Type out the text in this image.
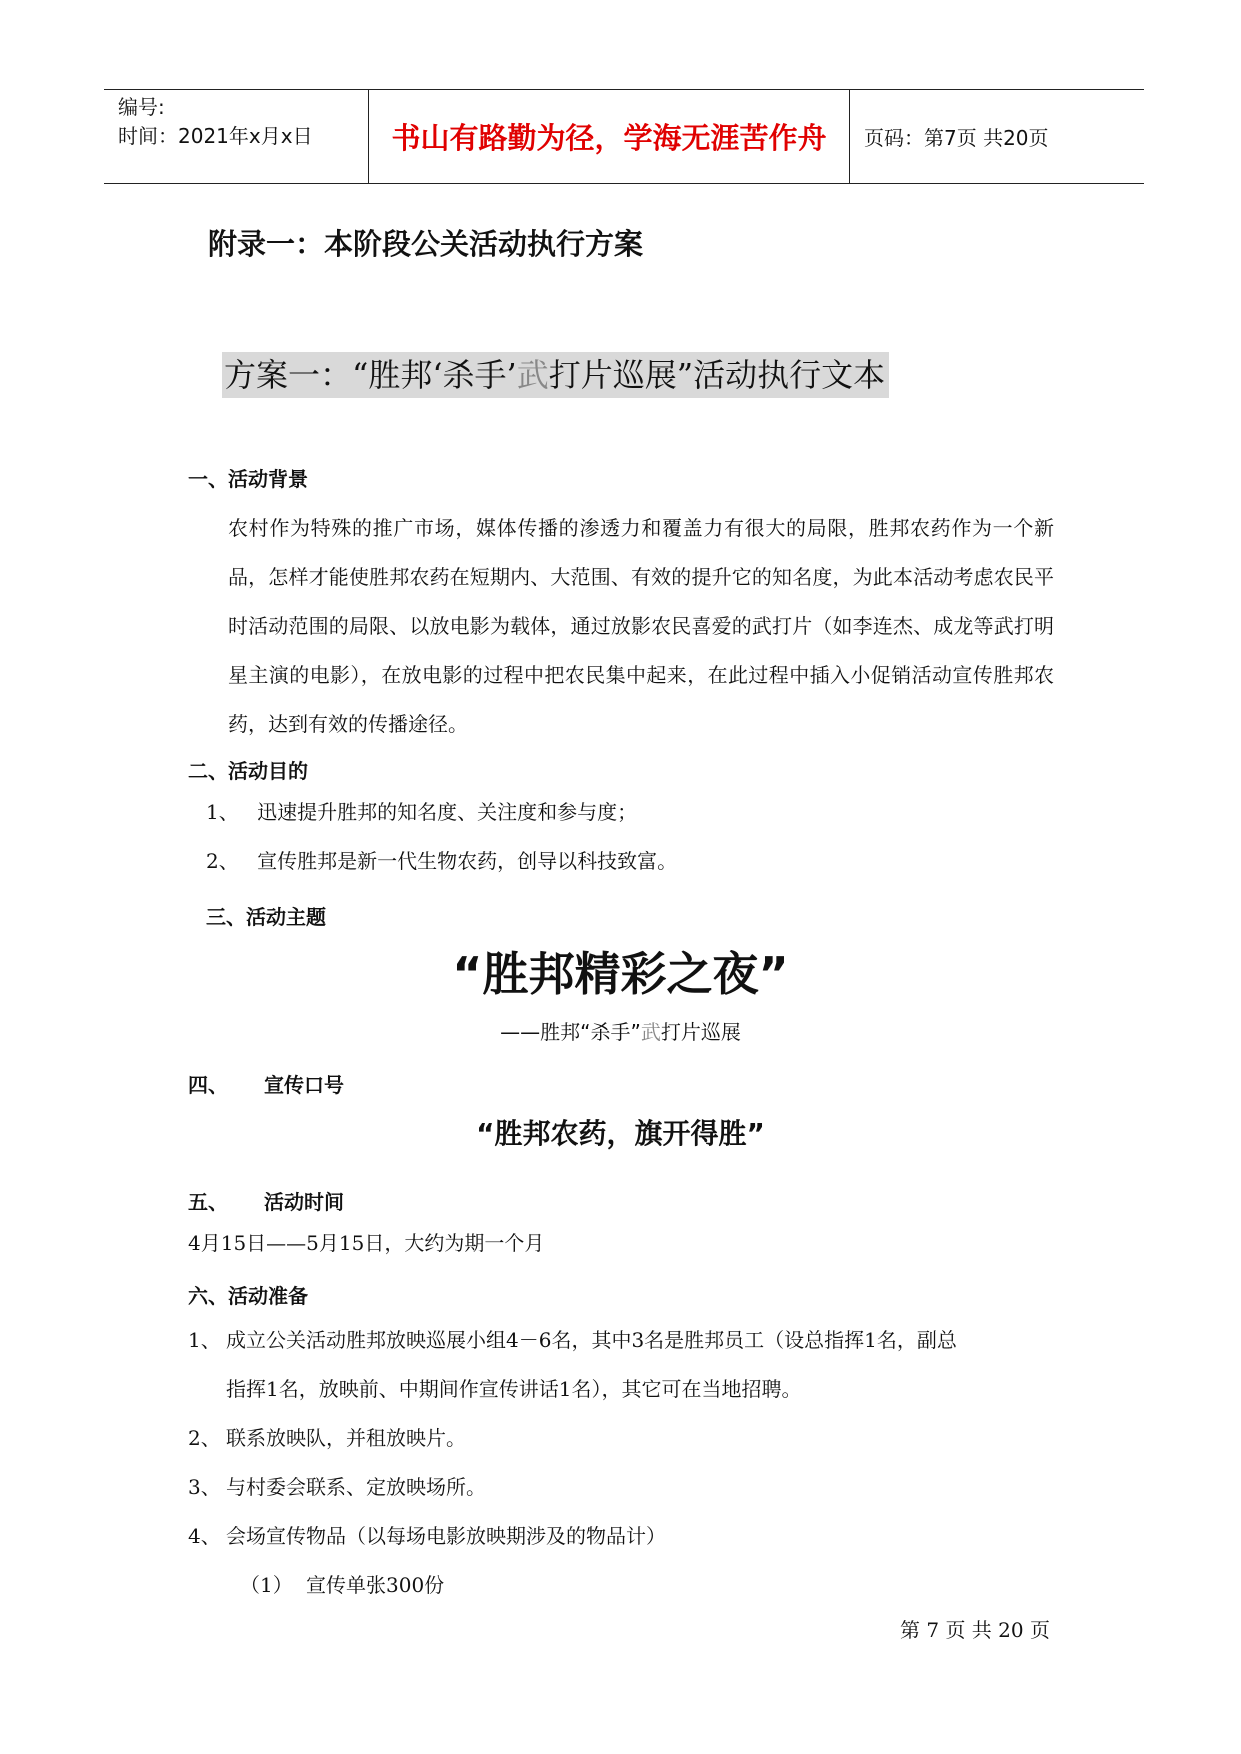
编号:
时间：2021年x月x日	书山有路勤为径，学海无涯苦作舟	页码：第7页 共20页
附录一：本阶段公关活动执行方案
方案一：“胜邦‘杀手’武打片巡展”活动执行文本
一、活动背景
农村作为特殊的推广市场，媒体传播的渗透力和覆盖力有很大的局限，胜邦农药作为一个新品，怎样才能使胜邦农药在短期内、大范围、有效的提升它的知名度，为此本活动考虑农民平时活动范围的局限、以放电影为载体，通过放影农民喜爱的武打片（如李连杰、成龙等武打明星主演的电影），在放电影的过程中把农民集中起来，在此过程中插入小促销活动宣传胜邦农药，达到有效的传播途径。
二、活动目的
1、 迅速提升胜邦的知名度、关注度和参与度；
2、 宣传胜邦是新一代生物农药，创导以科技致富。
三、活动主题
“胜邦精彩之夜”
——胜邦“杀手”武打片巡展
四、 宣传口号
“胜邦农药，旗开得胜”
五、 活动时间
4月15日——5月15日，大约为期一个月
六、活动准备
1、 成立公关活动胜邦放映巡展小组4－6名，其中3名是胜邦员工（设总指挥1名，副总
指挥1名，放映前、中期间作宣传讲话1名），其它可在当地招聘。
2、 联系放映队，并租放映片。
3、 与村委会联系、定放映场所。
4、 会场宣传物品（以每场电影放映期涉及的物品计）
（1） 宣传单张300份
第 7 页 共 20 页
